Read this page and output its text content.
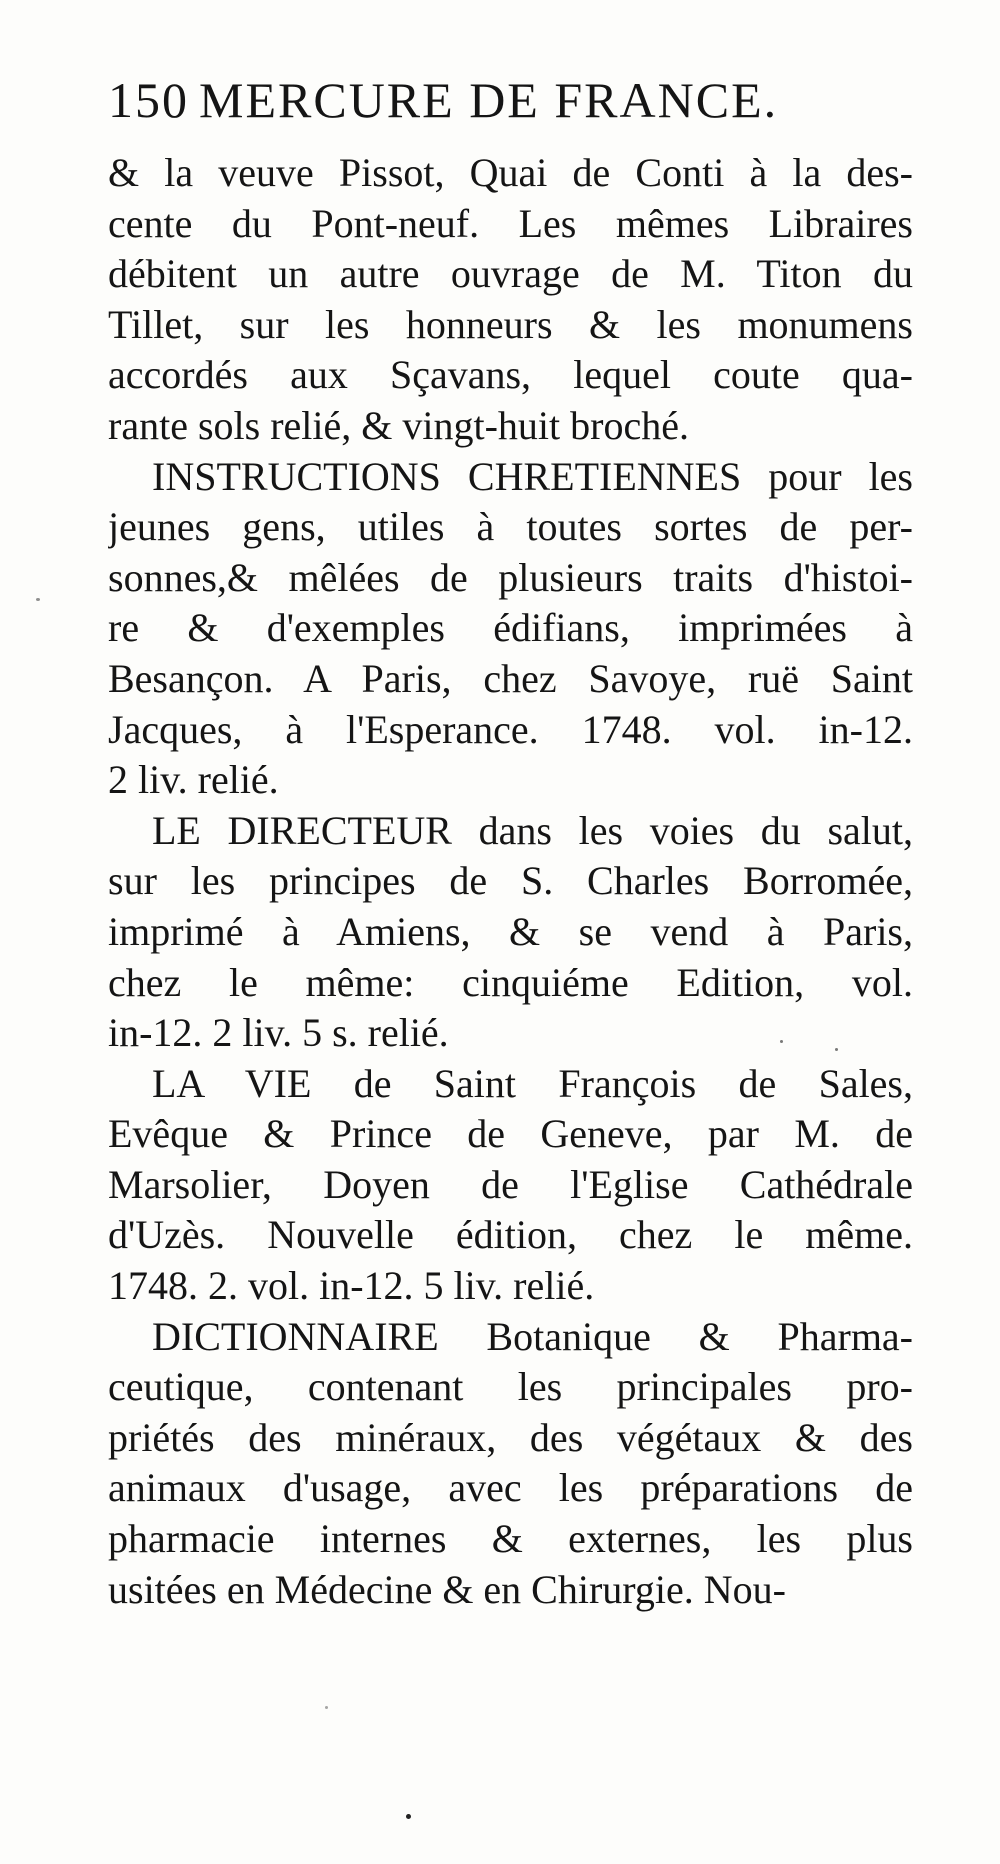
150 MERCURE DE FRANCE.
& la veuve Pissot, Quai de Conti à la des-
cente du Pont-neuf. Les mêmes Libraires
débitent un autre ouvrage de M. Titon du
Tillet, sur les honneurs & les monumens
accordés aux Sçavans, lequel coute qua-
rante sols relié, & vingt-huit broché.
INSTRUCTIONS CHRETIENNES pour les
jeunes gens, utiles à toutes sortes de per-
sonnes,& mêlées de plusieurs traits d'histoi-
re & d'exemples édifians, imprimées à
Besançon. A Paris, chez Savoye, ruë Saint
Jacques, à l'Esperance. 1748. vol. in-12.
2 liv. relié.
LE DIRECTEUR dans les voies du salut,
sur les principes de S. Charles Borromée,
imprimé à Amiens, & se vend à Paris,
chez le même: cinquiéme Edition, vol.
in-12. 2 liv. 5 s. relié.
LA VIE de Saint François de Sales,
Evêque & Prince de Geneve, par M. de
Marsolier, Doyen de l'Eglise Cathédrale
d'Uzès. Nouvelle édition, chez le même.
1748. 2. vol. in-12. 5 liv. relié.
DICTIONNAIRE Botanique & Pharma-
ceutique, contenant les principales pro-
priétés des minéraux, des végétaux & des
animaux d'usage, avec les préparations de
pharmacie internes & externes, les plus
usitées en Médecine & en Chirurgie. Nou-
